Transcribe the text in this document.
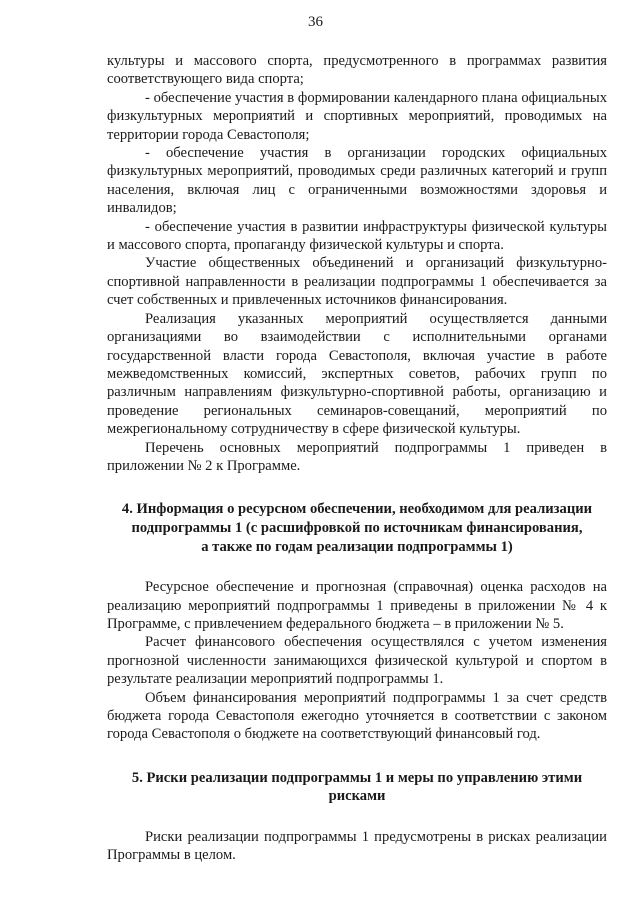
36

культуры и массового спорта, предусмотренного в программах развития соответствующего вида спорта;

- обеспечение участия в формировании календарного плана официальных физкультурных мероприятий и спортивных мероприятий, проводимых на территории города Севастополя;

- обеспечение участия в организации городских официальных физкультурных мероприятий, проводимых среди различных категорий и групп населения, включая лиц с ограниченными возможностями здоровья и инвалидов;

- обеспечение участия в развитии инфраструктуры физической культуры и массового спорта, пропаганду физической культуры и спорта.

Участие общественных объединений и организаций физкультурно-спортивной направленности в реализации подпрограммы 1 обеспечивается за счет собственных и привлеченных источников финансирования.

Реализация указанных мероприятий осуществляется данными организациями во взаимодействии с исполнительными органами государственной власти города Севастополя, включая участие в работе межведомственных комиссий, экспертных советов, рабочих групп по различным направлениям физкультурно-спортивной работы, организацию и проведение региональных семинаров-совещаний, мероприятий по межрегиональному сотрудничеству в сфере физической культуры.

Перечень основных мероприятий подпрограммы 1 приведен в приложении № 2 к Программе.

4. Информация о ресурсном обеспечении, необходимом для реализации
подпрограммы 1 (с расшифровкой по источникам финансирования,
а также по годам реализации подпрограммы 1)

Ресурсное обеспечение и прогнозная (справочная) оценка расходов на реализацию мероприятий подпрограммы 1 приведены в приложении № 4 к Программе, с привлечением федерального бюджета – в приложении № 5.

Расчет финансового обеспечения осуществлялся с учетом изменения прогнозной численности занимающихся физической культурой и спортом в результате реализации мероприятий подпрограммы 1.

Объем финансирования мероприятий подпрограммы 1 за счет средств бюджета города Севастополя ежегодно уточняется в соответствии с законом города Севастополя о бюджете на соответствующий финансовый год.

5. Риски реализации подпрограммы 1 и меры по управлению этими
рисками

Риски реализации подпрограммы 1 предусмотрены в рисках реализации Программы в целом.
